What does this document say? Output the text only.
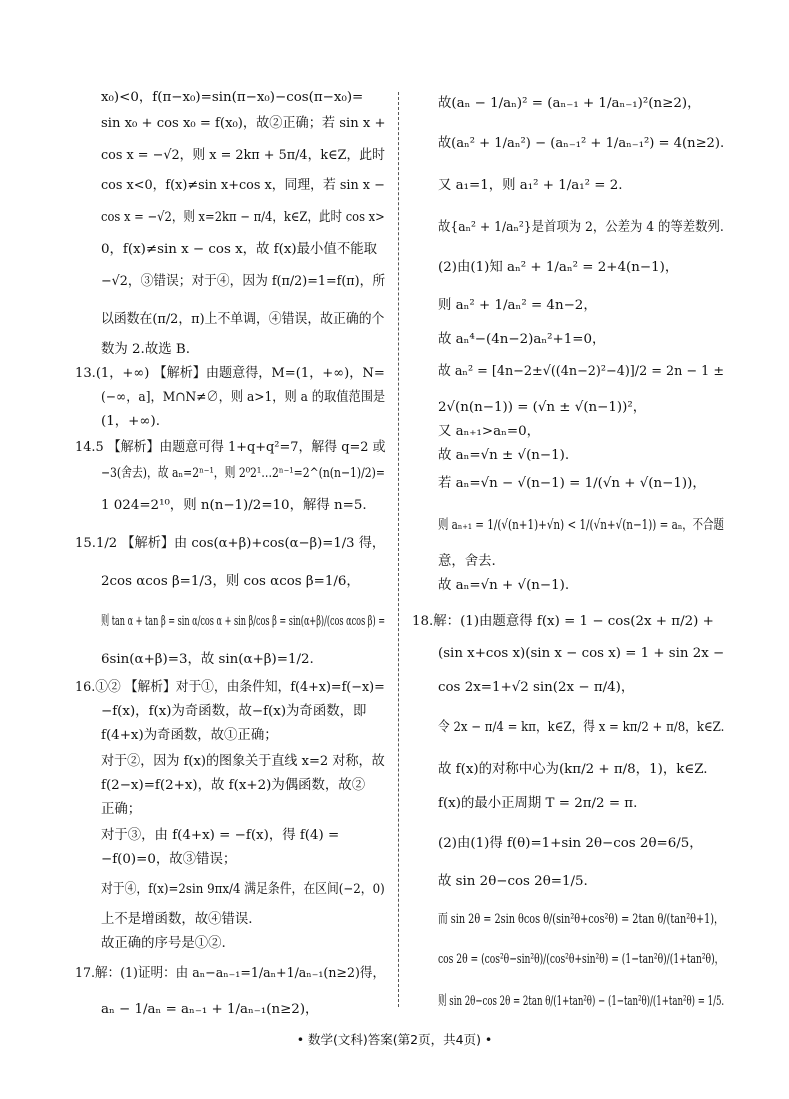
x₀)<0，f(π−x₀)=sin(π−x₀)−cos(π−x₀)=
sin x₀ + cos x₀ = f(x₀)，故②正确；若 sin x +
cos x = −√2，则 x = 2kπ + 5π/4，k∈Z，此时
cos x<0，f(x)≠sin x+cos x，同理，若 sin x −
cos x = −√2，则 x=2kπ − π/4，k∈Z，此时 cos x>
0，f(x)≠sin x − cos x，故 f(x)最小值不能取
−√2，③错误；对于④，因为 f(π/2)=1=f(π)，所
以函数在(π/2，π)上不单调，④错误，故正确的个
数为 2.故选 B.
13.(1，+∞) 【解析】由题意得，M=(1，+∞)，N=
(−∞，a]，M∩N≠∅，则 a>1，则 a 的取值范围是
(1，+∞).
14.5 【解析】由题意可得 1+q+q²=7，解得 q=2 或
−3(舍去)，故 aₙ=2ⁿ⁻¹，则 2⁰2¹…2ⁿ⁻¹=2^(n(n−1)/2)=
1 024=2¹⁰，则 n(n−1)/2=10，解得 n=5.
15.1/2 【解析】由 cos(α+β)+cos(α−β)=1/3 得，
2cos αcos β=1/3，则 cos αcos β=1/6，
则 tan α + tan β = sin α/cos α + sin β/cos β = sin(α+β)/(cos αcos β) =
6sin(α+β)=3，故 sin(α+β)=1/2.
16.①② 【解析】对于①，由条件知，f(4+x)=f(−x)=
−f(x)，f(x)为奇函数，故−f(x)为奇函数，即
f(4+x)为奇函数，故①正确；
对于②，因为 f(x)的图象关于直线 x=2 对称，故
f(2−x)=f(2+x)，故 f(x+2)为偶函数，故②
正确；
对于③，由 f(4+x) = −f(x)，得 f(4) =
−f(0)=0，故③错误；
对于④，f(x)=2sin 9πx/4 满足条件，在区间(−2，0)
上不是增函数，故④错误.
故正确的序号是①②.
17.解：(1)证明：由 aₙ−aₙ₋₁=1/aₙ+1/aₙ₋₁(n≥2)得，
aₙ − 1/aₙ = aₙ₋₁ + 1/aₙ₋₁(n≥2)，
故(aₙ − 1/aₙ)² = (aₙ₋₁ + 1/aₙ₋₁)²(n≥2)，
故(aₙ² + 1/aₙ²) − (aₙ₋₁² + 1/aₙ₋₁²) = 4(n≥2).
又 a₁=1，则 a₁² + 1/a₁² = 2.
故{aₙ² + 1/aₙ²}是首项为 2，公差为 4 的等差数列.
(2)由(1)知 aₙ² + 1/aₙ² = 2+4(n−1)，
则 aₙ² + 1/aₙ² = 4n−2，
故 aₙ⁴−(4n−2)aₙ²+1=0，
故 aₙ² = [4n−2±√((4n−2)²−4)]/2 = 2n − 1 ±
2√(n(n−1)) = (√n ± √(n−1))²，
又 aₙ₊₁>aₙ=0，
故 aₙ=√n ± √(n−1).
若 aₙ=√n − √(n−1) = 1/(√n + √(n−1))，
则 aₙ₊₁ = 1/(√(n+1)+√n) < 1/(√n+√(n−1)) = aₙ，不合题
意，舍去.
故 aₙ=√n + √(n−1).
18.解：(1)由题意得 f(x) = 1 − cos(2x + π/2) +
(sin x+cos x)(sin x − cos x) = 1 + sin 2x −
cos 2x=1+√2 sin(2x − π/4)，
令 2x − π/4 = kπ，k∈Z，得 x = kπ/2 + π/8，k∈Z.
故 f(x)的对称中心为(kπ/2 + π/8，1)，k∈Z.
f(x)的最小正周期 T = 2π/2 = π.
(2)由(1)得 f(θ)=1+sin 2θ−cos 2θ=6/5，
故 sin 2θ−cos 2θ=1/5.
而 sin 2θ = 2sin θcos θ/(sin²θ+cos²θ) = 2tan θ/(tan²θ+1)，
cos 2θ = (cos²θ−sin²θ)/(cos²θ+sin²θ) = (1−tan²θ)/(1+tan²θ)，
则 sin 2θ−cos 2θ = 2tan θ/(1+tan²θ) − (1−tan²θ)/(1+tan²θ) = 1/5.
• 数学(文科)答案(第2页，共4页) •
